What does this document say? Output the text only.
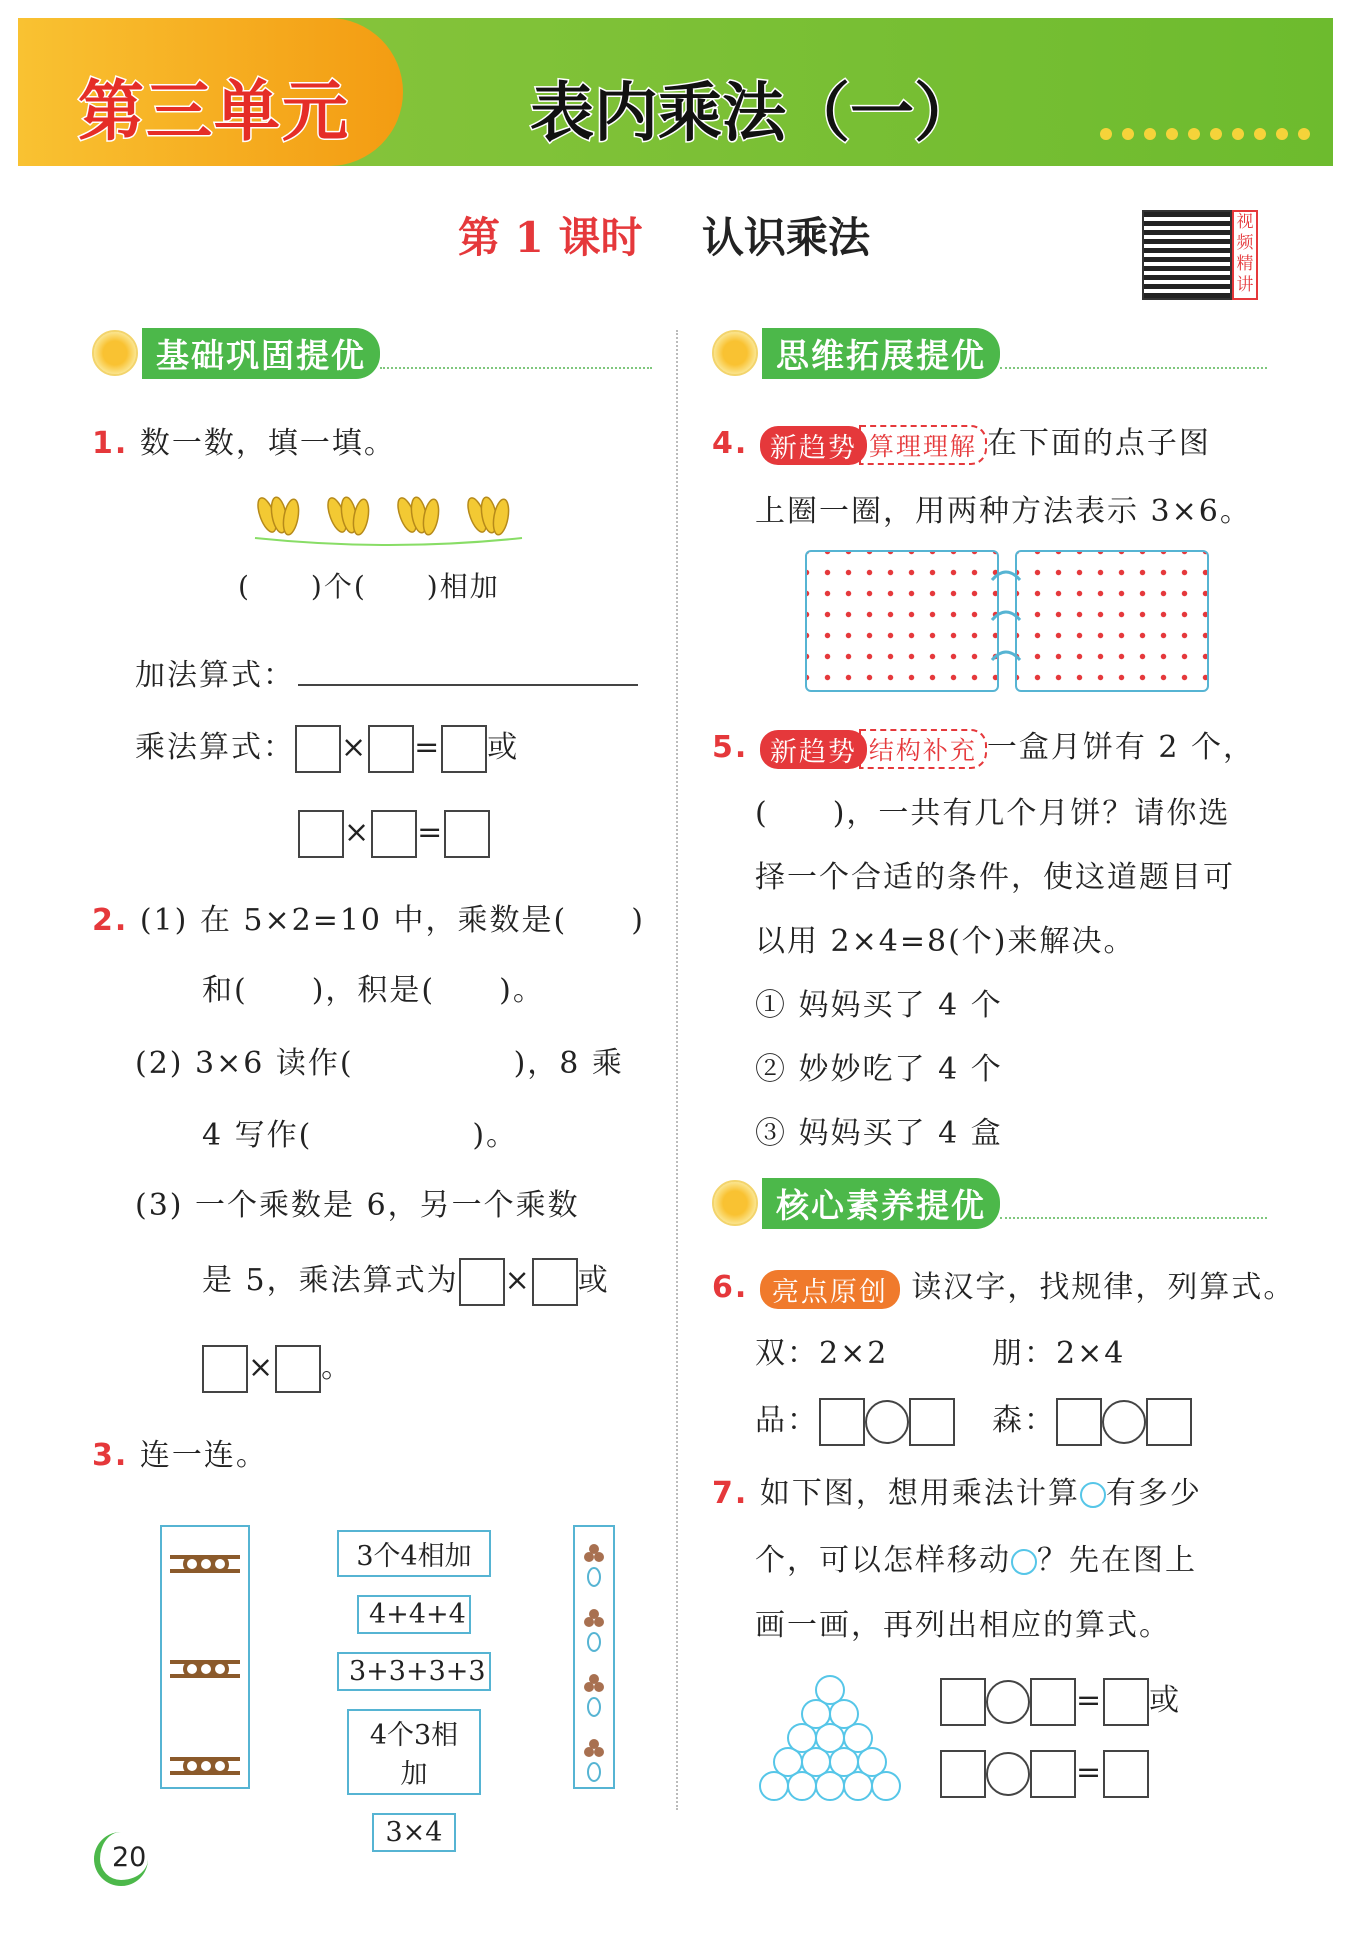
第三单元	表内乘法（一）
第 1 课时 认识乘法	视频精讲
基础巩固提优
1. 数一数，填一填。
(　　)个(　　)相加
加法算式：
乘法算式： × = 或
× =
2. (1) 在 5×2=10 中，乘数是(　　)
和(　　)，积是(　　)。
(2) 3×6 读作(　　　　　)，8 乘
4 写作(　　　　　)。
(3) 一个乘数是 6，另一个乘数
是 5，乘法算式为 × 或
× 。
3. 连一连。
3个4相加
4+4+4
3+3+3+3
4个3相加
3×4
思维拓展提优
4. 新趋势 算理理解 在下面的点子图
上圈一圈，用两种方法表示 3×6。
5. 新趋势 结构补充 一盒月饼有 2 个，
(　　)，一共有几个月饼？请你选
择一个合适的条件，使这道题目可
以用 2×4=8(个)来解决。
① 妈妈买了 4 个
② 妙妙吃了 4 个
③ 妈妈买了 4 盒
核心素养提优
6. 亮点原创 读汉字，找规律，列算式。
双：2×2	朋：2×4
品：	森：
7. 如下图，想用乘法计算 有多少
个，可以怎样移动 ？先在图上
画一画，再列出相应的算式。
= 或
=
20
